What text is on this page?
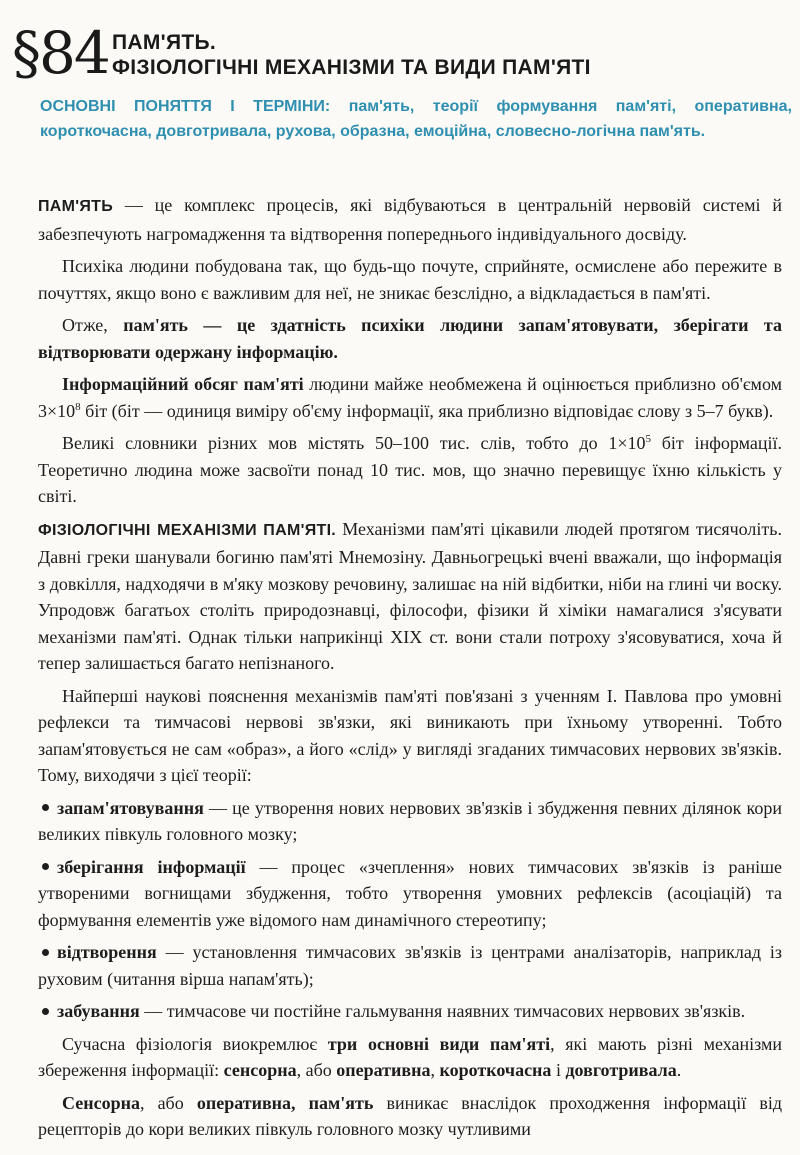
§84 ПАМ'ЯТЬ.
ФІЗІОЛОГІЧНІ МЕХАНІЗМИ ТА ВИДИ ПАМ'ЯТІ
ОСНОВНІ ПОНЯТТЯ І ТЕРМІНИ: пам'ять, теорії формування пам'яті, оперативна, короткочасна, довготривала, рухова, образна, емоційна, словесно-логічна пам'ять.

ПАМ'ЯТЬ — це комплекс процесів, які відбуваються в центральній нервовій системі й забезпечують нагромадження та відтворення попереднього індивідуального досвіду.

Психіка людини побудована так, що будь-що почуте, сприйняте, осмислене або пережите в почуттях, якщо воно є важливим для неї, не зникає безслідно, а відкладається в пам'яті.

Отже, пам'ять — це здатність психіки людини запам'ятовувати, зберігати та відтворювати одержану інформацію.

Інформаційний обсяг пам'яті людини майже необмежена й оцінюється приблизно об'ємом $3\times 10^8$ біт (біт — одиниця виміру об'єму інформації, яка приблизно відповідає слову з 5–7 букв).

Великі словники різних мов містять 50–100 тис. слів, тобто до $1\times 10^5$ біт інформації. Теоретично людина може засвоїти понад 10 тис. мов, що значно перевищує їхню кількість у світі.

ФІЗІОЛОГІЧНІ МЕХАНІЗМИ ПАМ'ЯТІ. Механізми пам'яті цікавили людей протягом тисячоліть. Давні греки шанували богиню пам'яті Мнемозіну. Давньогрецькі вчені вважали, що інформація з довкілля, надходячи в м'яку мозкову речовину, залишає на ній відбитки, ніби на глині чи воску. Упродовж багатьох століть природознавці, філософи, фізики й хіміки намагалися з'ясувати механізми пам'яті. Однак тільки наприкінці XIX ст. вони стали потроху з'ясовуватися, хоча й тепер залишається багато непізнаного.

Найперші наукові пояснення механізмів пам'яті пов'язані з ученням І. Павлова про умовні рефлекси та тимчасові нервові зв'язки, які виникають при їхньому утворенні. Тобто запам'ятовується не сам «образ», а його «слід» у вигляді згаданих тимчасових нервових зв'язків. Тому, виходячи з цієї теорії:

запам'ятовування — це утворення нових нервових зв'язків і збудження певних ділянок кори великих півкуль головного мозку;
зберігання інформації — процес «зчеплення» нових тимчасових зв'язків із раніше утвореними вогнищами збудження, тобто утворення умовних рефлексів (асоціацій) та формування елементів уже відомого нам динамічного стереотипу;
відтворення — установлення тимчасових зв'язків із центрами аналізаторів, наприклад із руховим (читання вірша напам'ять);
забування — тимчасове чи постійне гальмування наявних тимчасових нервових зв'язків.

Сучасна фізіологія виокремлює три основні види пам'яті, які мають різні механізми збереження інформації: сенсорна, або оперативна, короткочасна і довготривала.

Сенсорна, або оперативна, пам'ять виникає внаслідок проходження інформації від рецепторів до кори великих півкуль головного мозку чутливими
